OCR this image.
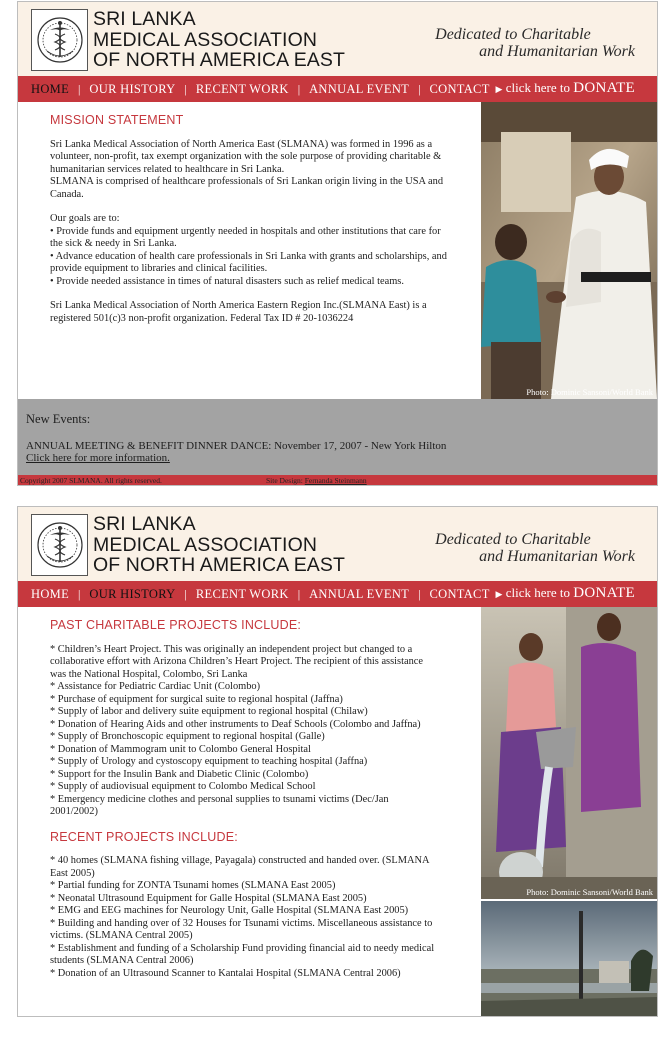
SRI LANKA
MEDICAL ASSOCIATION
OF NORTH AMERICA EAST
Dedicated to Charitable
and Humanitarian Work
HOME | OUR HISTORY | RECENT WORK | ANNUAL EVENT | CONTACT ▶ click here to DONATE
MISSION STATEMENT
Sri Lanka Medical Association of North America East (SLMANA) was formed in 1996 as a volunteer, non-profit, tax exempt organization with the sole purpose of providing charitable & humanitarian services related to healthcare in Sri Lanka.
SLMANA is comprised of healthcare professionals of Sri Lankan origin living in the USA and Canada.
Our goals are to:
• Provide funds and equipment urgently needed in hospitals and other institutions that care for the sick & needy in Sri Lanka.
• Advance education of health care professionals in Sri Lanka with grants and scholarships, and provide equipment to libraries and clinical facilities.
• Provide needed assistance in times of natural disasters such as relief medical teams.
Sri Lanka Medical Association of North America Eastern Region Inc.(SLMANA East) is a registered 501(c)3 non-profit organization. Federal Tax ID # 20-1036224
Photo: Dominic Sansoni/World Bank
New Events:
ANNUAL MEETING & BENEFIT DINNER DANCE: November 17, 2007 - New York Hilton
Click here for more information.
Copyright 2007 SLMANA. All rights reserved.	Site Design: Fernanda Steinmann
SRI LANKA
MEDICAL ASSOCIATION
OF NORTH AMERICA EAST
Dedicated to Charitable
and Humanitarian Work
HOME | OUR HISTORY | RECENT WORK | ANNUAL EVENT | CONTACT ▶ click here to DONATE
PAST CHARITABLE PROJECTS INCLUDE:
* Children’s Heart Project. This was originally an independent project but changed to a collaborative effort with Arizona Children’s Heart Project. The recipient of this assistance was the National Hospital, Colombo, Sri Lanka
* Assistance for Pediatric Cardiac Unit (Colombo)
* Purchase of equipment for surgical suite to regional hospital (Jaffna)
* Supply of labor and delivery suite equipment to regional hospital (Chilaw)
* Donation of Hearing Aids and other instruments to Deaf Schools (Colombo and Jaffna)
* Supply of Bronchoscopic equipment to regional hospital (Galle)
* Donation of Mammogram unit to Colombo General Hospital
* Supply of Urology and cystoscopy equipment to teaching hospital (Jaffna)
* Support for the Insulin Bank and Diabetic Clinic (Colombo)
* Supply of audiovisual equipment to Colombo Medical School
* Emergency medicine clothes and personal supplies to tsunami victims (Dec/Jan 2001/2002)
RECENT PROJECTS INCLUDE:
* 40 homes (SLMANA fishing village, Payagala) constructed and handed over. (SLMANA East 2005)
* Partial funding for ZONTA Tsunami homes (SLMANA East 2005)
* Neonatal Ultrasound Equipment for Galle Hospital (SLMANA East 2005)
* EMG and EEG machines for Neurology Unit, Galle Hospital (SLMANA East 2005)
* Building and handing over of 32 Houses for Tsunami victims. Miscellaneous assistance to victims. (SLMANA Central 2005)
* Establishment and funding of a Scholarship Fund providing financial aid to needy medical students (SLMANA Central 2006)
* Donation of an Ultrasound Scanner to Kantalai Hospital (SLMANA Central 2006)
Photo: Dominic Sansoni/World Bank
